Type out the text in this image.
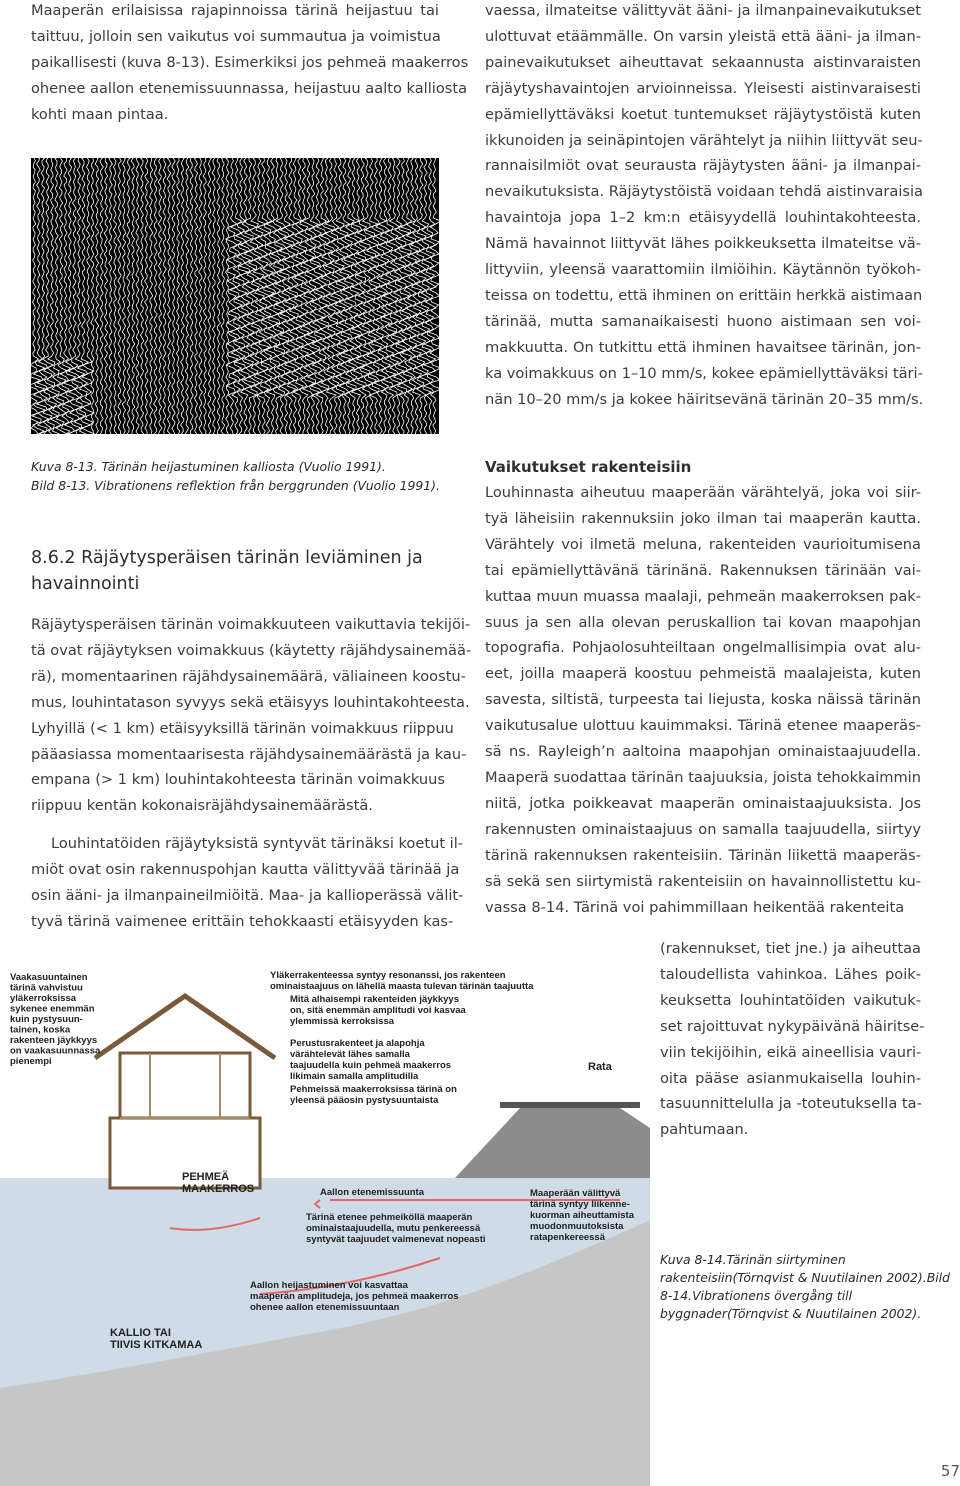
Maaperän erilaisissa rajapinnoissa tärinä heijastuu tai
taittuu, jolloin sen vaikutus voi summautua ja voimistua
paikallisesti (kuva 8-13). Esimerkiksi jos pehmeä maakerros
ohenee aallon etenemissuunnassa, heijastuu aalto kalliosta
kohti maan pintaa.

Kuva 8-13. Tärinän heijastuminen kalliosta (Vuolio 1991).

Bild 8-13. Vibrationens reflektion från berggrunden (Vuolio 1991).

8.6.2 Räjäytysperäisen tärinän leviäminen ja
havainnointi
Räjäytysperäisen tärinän voimakkuuteen vaikuttavia tekijöi-
tä ovat räjäytyksen voimakkuus (käytetty räjähdysainemää-
rä), momentaarinen räjähdysainemäärä, väliaineen koostu-
mus, louhintatason syvyys sekä etäisyys louhintakohteesta.
Lyhyillä (< 1 km) etäisyyksillä tärinän voimakkuus riippuu
pääasiassa momentaarisesta räjähdysainemäärästä ja kau-
empana (> 1 km) louhintakohteesta tärinän voimakkuus
riippuu kentän kokonaisräjähdysainemäärästä.
Louhintatöiden räjäytyksistä syntyvät tärinäksi koetut il-
miöt ovat osin rakennuspohjan kautta välittyvää tärinää ja
osin ääni- ja ilmanpaineilmiöitä. Maa- ja kallioperässä välit-
tyvä tärinä vaimenee erittäin tehokkaasti etäisyyden kas-
vaessa, ilmateitse välittyvät ääni- ja ilmanpainevaikutukset
ulottuvat etäämmälle. On varsin yleistä että ääni- ja ilman-
painevaikutukset aiheuttavat sekaannusta aistinvaraisten
räjäytyshavaintojen arvioinneissa. Yleisesti aistinvaraisesti
epämiellyttäväksi koetut tuntemukset räjäytystöistä kuten
ikkunoiden ja seinäpintojen värähtelyt ja niihin liittyvät seu-
rannaisilmiöt ovat seurausta räjäytysten ääni- ja ilmanpai-
nevaikutuksista. Räjäytystöistä voidaan tehdä aistinvaraisia
havaintoja jopa 1–2 km:n etäisyydellä louhintakohteesta.
Nämä havainnot liittyvät lähes poikkeuksetta ilmateitse vä-
littyviin, yleensä vaarattomiin ilmiöihin. Käytännön työkoh-
teissa on todettu, että ihminen on erittäin herkkä aistimaan
tärinää, mutta samanaikaisesti huono aistimaan sen voi-
makkuutta. On tutkittu että ihminen havaitsee tärinän, jon-
ka voimakkuus on 1–10 mm/s, kokee epämiellyttäväksi täri-
nän 10–20 mm/s ja kokee häiritsevänä tärinän 20–35 mm/s.
Vaikutukset rakenteisiin
Louhinnasta aiheutuu maaperään värähtelyä, joka voi siir-
tyä läheisiin rakennuksiin joko ilman tai maaperän kautta.
Värähtely voi ilmetä meluna, rakenteiden vaurioitumisena
tai epämiellyttävänä tärinänä. Rakennuksen tärinään vai-
kuttaa muun muassa maalaji, pehmeän maakerroksen pak-
suus ja sen alla olevan peruskallion tai kovan maapohjan
topografia. Pohjaolosuhteiltaan ongelmallisimpia ovat alu-
eet, joilla maaperä koostuu pehmeistä maalajeista, kuten
savesta, siltistä, turpeesta tai liejusta, koska näissä tärinän
vaikutusalue ulottuu kauimmaksi. Tärinä etenee maaperäs-
sä ns. Rayleigh’n aaltoina maapohjan ominaistaajuudella.
Maaperä suodattaa tärinän taajuuksia, joista tehokkaimmin
niitä, jotka poikkeavat maaperän ominaistaajuuksista. Jos
rakennusten ominaistaajuus on samalla taajuudella, siirtyy
tärinä rakennuksen rakenteisiin. Tärinän liikettä maaperäs-
sä sekä sen siirtymistä rakenteisiin on havainnollistettu ku-
vassa 8-14. Tärinä voi pahimmillaan heikentää rakenteita
(rakennukset, tiet jne.) ja aiheuttaa
taloudellista vahinkoa. Lähes poik-
keuksetta louhintatöiden vaikutuk-
set rajoittuvat nykypäivänä häiritse-
viin tekijöihin, eikä aineellisia vauri-
oita pääse asianmukaisella louhin-
tasuunnittelulla ja -toteutuksella ta-
pahtumaan.
Kuva 8-14.Tärinän siirtyminen rakenteisiin(Törnqvist & Nuutilainen 2002).Bild 8-14.Vibrationens övergång till byggnader(Törnqvist & Nuutilainen 2002).
Vaakasuuntainen tärinä vahvistuu yläkerroksissa sykenee enemmän kuin pystysuun-tainen, koska rakenteen jäykkyys on vaakasuunnassa pienempi
Yläkerrakenteessa syntyy resonanssi, jos rakenteen ominaistaajuus on lähellä maasta tulevan tärinän taajuutta
Mitä alhaisempi rakenteiden jäykkyys on, sitä enemmän amplitudi voi kasvaa ylemmissä kerroksissa
Perustusrakenteet ja alapohja värähtelevät lähes samalla taajuudella kuin pehmeä maakerros likimain samalla amplitudilla
Pehmeissä maakerroksissa tärinä on yleensä pääosin pystysuuntaista
Rata
PEHMEÄ MAAKERROS	Aallon etenemissuunta
Tärinä etenee pehmeiköllä maaperän ominaistaajuudella, mutu penkereessä syntyvät taajuudet vaimenevat nopeasti
Maaperään välittyvä tärinä syntyy liikenne-kuorman aiheuttamista muodonmuutoksista ratapenkereessä
Aallon heijastuminen voi kasvattaa maaperän amplitudeja, jos pehmeä maakerros ohenee aallon etenemissuuntaan
KALLIO TAI TIIVIS KITKAMAA
57
